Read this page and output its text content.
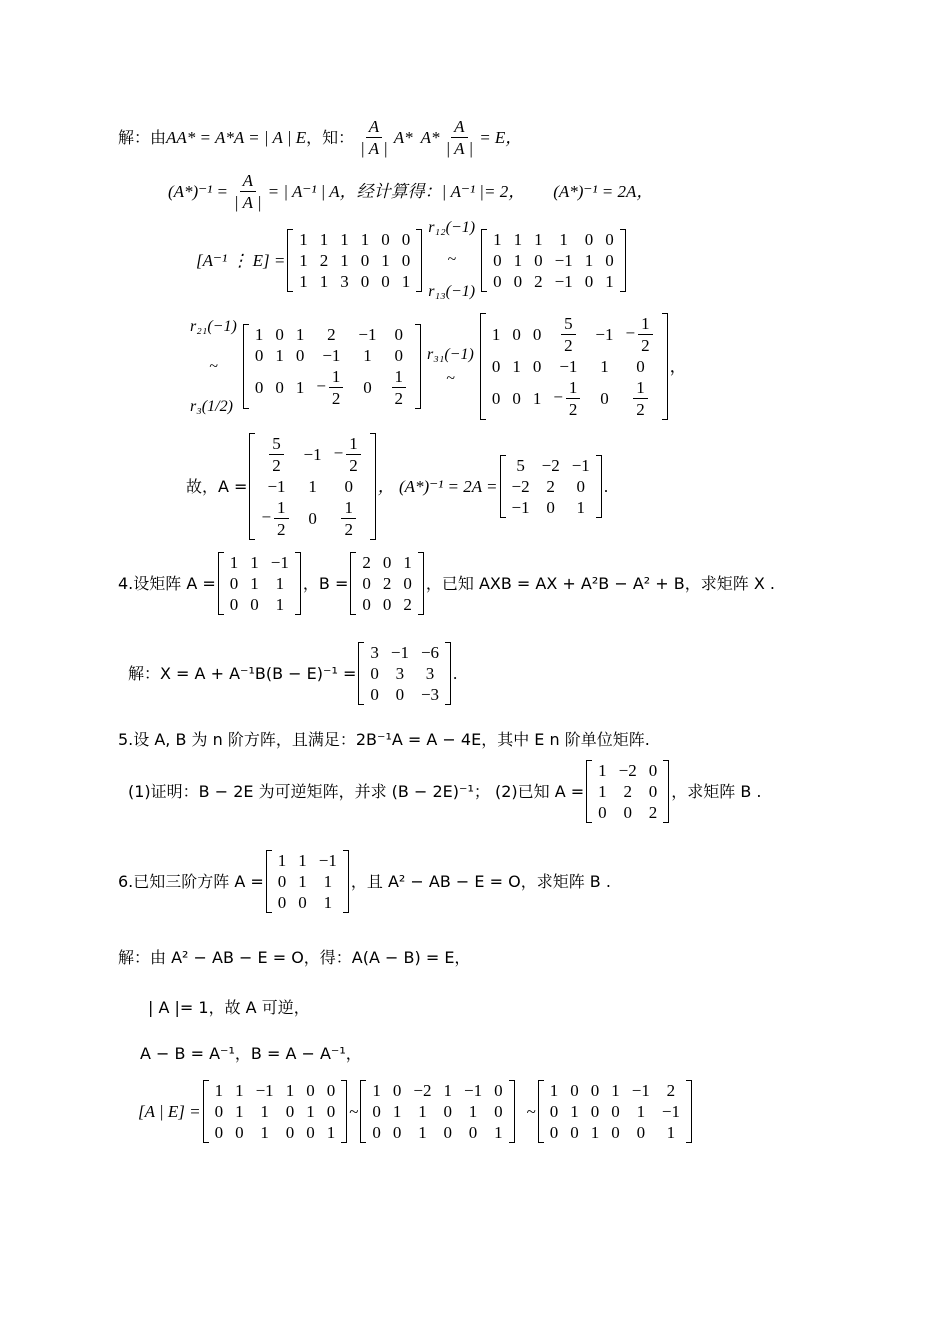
解：由 AA* = A*A = | A | E ，知： $\frac{A}{| A |} A*$ $A* \frac{A}{| A |} = E$，
$(A*)^{-1} = \frac{A}{| A |}$ = | A⁻¹ | A，经计算得：| A⁻¹ |= 2， (A*)⁻¹ = 2A，
[A⁻¹ ⋮ E] =
1	1	1	1	0	0
1	2	1	0	1	0
1	1	3	0	0	1
r₁₂(−1)
~
r₁₃(−1)
1	1	1	1	0	0
0	1	0	−1	1	0
0	0	2	−1	0	1
r₂₁(−1)
~
r₃(1/2)
1	0	1	2	−1	0
0	1	0	−1	1	0
0	0	1	− $\frac{1}{2}$	0	$\frac{1}{2}$
r₃₁(−1)
~
1	0	0	$\frac{5}{2}$	−1	− $\frac{1}{2}$

0	1	0	−1	1	0
0	0	1	− $\frac{1}{2}$	0	$\frac{1}{2}$
，
故，A =
$\frac{5}{2}$	−1	− $\frac{1}{2}$

−1	1	0
− $\frac{1}{2}$	0	$\frac{1}{2}$
， (A*)⁻¹ = 2A =
5	−2	−1
−2	2	0
−1	0	1
.
4.设矩阵 A =
1	1	−1
0	1	1
0	0	1
，B =
2	0	1
0	2	0
0	0	2
，已知 AXB = AX + A²B − A² + B，求矩阵 X .
解：X = A + A⁻¹B(B − E)⁻¹ =
3	−1	−6
0	3	3
0	0	−3
.
5.设 A, B 为 n 阶方阵，且满足：2B⁻¹A = A − 4E，其中 E n 阶单位矩阵.
(1)证明：B − 2E 为可逆矩阵，并求 (B − 2E)⁻¹； (2)已知 A =
1	−2	0
1	2	0
0	0	2
，求矩阵 B .
6.已知三阶方阵 A =
1	1	−1
0	1	1
0	0	1
，且 A² − AB − E = O，求矩阵 B .
解：由 A² − AB − E = O，得：A(A − B) = E，
| A |= 1，故 A 可逆，
A − B = A⁻¹，B = A − A⁻¹，
[A | E] =
1	1	−1	1	0	0
0	1	1	0	1	0
0	0	1	0	0	1
~
1	0	−2	1	−1	0
0	1	1	0	1	0
0	0	1	0	0	1
~
1	0	0	1	−1	2
0	1	0	0	1	−1
0	0	1	0	0	1
